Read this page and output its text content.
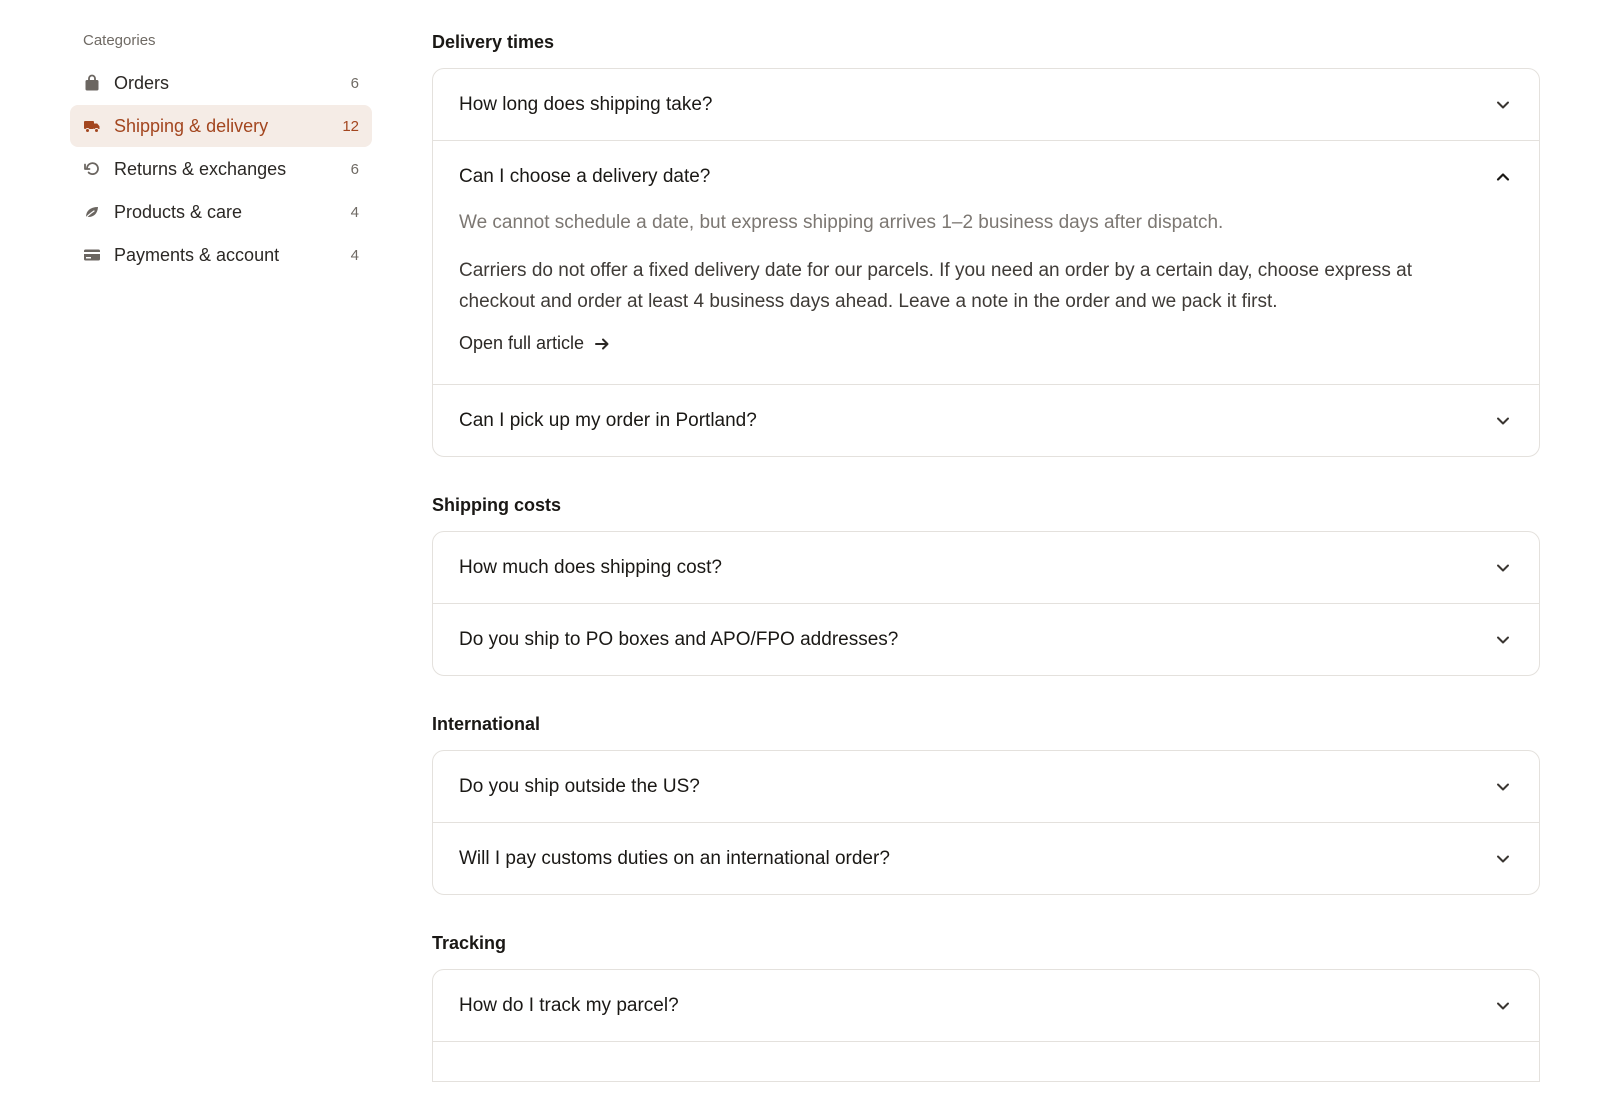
Categories
Orders	6
Shipping & delivery	12
Returns & exchanges	6
Products & care	4
Payments & account	4
Delivery times
How long does shipping take?
Can I choose a delivery date?

We cannot schedule a date, but express shipping arrives 1–2 business days after dispatch.

Carriers do not offer a fixed delivery date for our parcels. If you need an order by a certain day, choose express at checkout and order at least 4 business days ahead. Leave a note in the order and we pack it first.

Open full article
Can I pick up my order in Portland?
Shipping costs
How much does shipping cost?
Do you ship to PO boxes and APO/FPO addresses?
International
Do you ship outside the US?
Will I pay customs duties on an international order?
Tracking
How do I track my parcel?
